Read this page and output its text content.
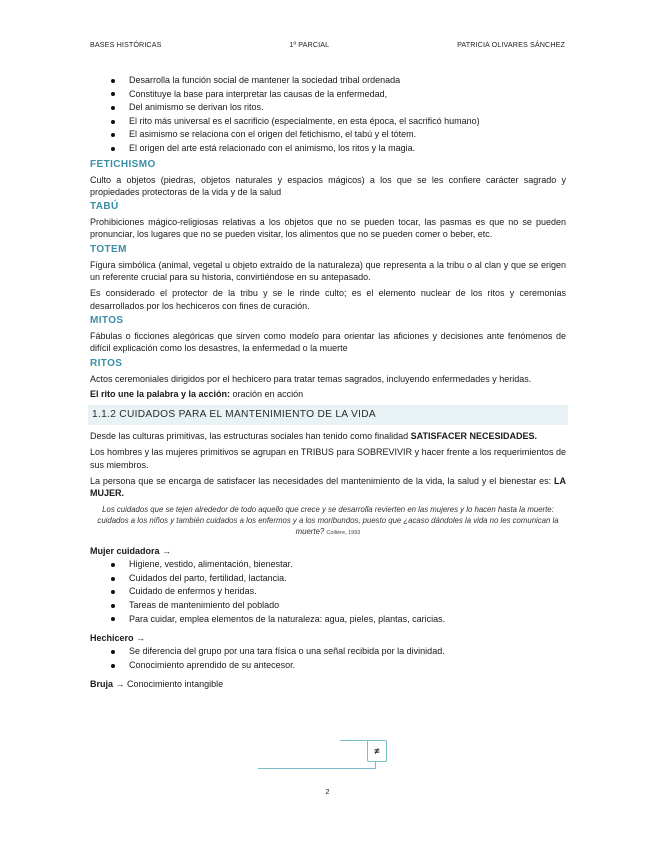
BASES HISTÓRICAS	1º PARCIAL	PATRICIA OLIVARES SÁNCHEZ
Desarrolla la función social de mantener la sociedad tribal ordenada
Constituye la base para interpretar las causas de la enfermedad,
Del animismo se derivan los ritos.
El rito más universal es el sacrificio (especialmente, en esta época, el sacrificó humano)
El asimismo se relaciona con el origen del fetichismo, el tabú y el tótem.
El origen del arte está relacionado con el animismo, los ritos y la magia.
FETICHISMO

Culto a objetos (piedras, objetos naturales y espacios mágicos) a los que se les confiere carácter sagrado y propiedades protectoras de la vida y de la salud

TABÚ

Prohibiciones mágico-religiosas relativas a los objetos que no se pueden tocar, las pasmas es que no se pueden pronunciar, los lugares que no se pueden visitar, los alimentos que no se pueden comer o beber, etc.

TOTEM

Figura simbólica (animal, vegetal u objeto extraído de la naturaleza) que representa a la tribu o al clan y que se erigen un referente crucial para su historia, convirtiéndose en su antepasado.

Es considerado el protector de la tribu y se le rinde culto; es el elemento nuclear de los ritos y ceremonias desarrollados por los hechiceros con fines de curación.

MITOS

Fábulas o ficciones alegóricas que sirven como modelo para orientar las aficiones y decisiones ante fenómenos de difícil explicación como los desastres, la enfermedad o la muerte

RITOS

Actos ceremoniales dirigidos por el hechicero para tratar temas sagrados, incluyendo enfermedades y heridas.

El rito une la palabra y la acción: oración en acción

1.1.2 CUIDADOS PARA EL MANTENIMIENTO DE LA VIDA

Desde las culturas primitivas, las estructuras sociales han tenido como finalidad SATISFACER NECESIDADES.

Los hombres y las mujeres primitivos se agrupan en TRIBUS para SOBREVIVIR y hacer frente a los requerimientos de sus miembros.

La persona que se encarga de satisfacer las necesidades del mantenimiento de la vida, la salud y el bienestar es: LA MUJER.

Los cuidados que se tejen alrededor de todo aquello que crece y se desarrolla revierten en las mujeres y lo hacen hasta la muerte: cuidados a los niños y también cuidados a los enfermos y a los moribundos, puesto que ¿acaso dándoles la vida no les comunican la muerte? Collière, 1993
Mujer cuidadora →
Higiene, vestido, alimentación, bienestar.
Cuidados del parto, fertilidad, lactancia.
Cuidado de enfermos y heridas.
Tareas de mantenimiento del poblado
Para cuidar, emplea elementos de la naturaleza: agua, pieles, plantas, caricias.
Hechicero →
Se diferencia del grupo por una tara física o una señal recibida por la divinidad.
Conocimiento aprendido de su antecesor.
Bruja → Conocimiento intangible
≠
2
